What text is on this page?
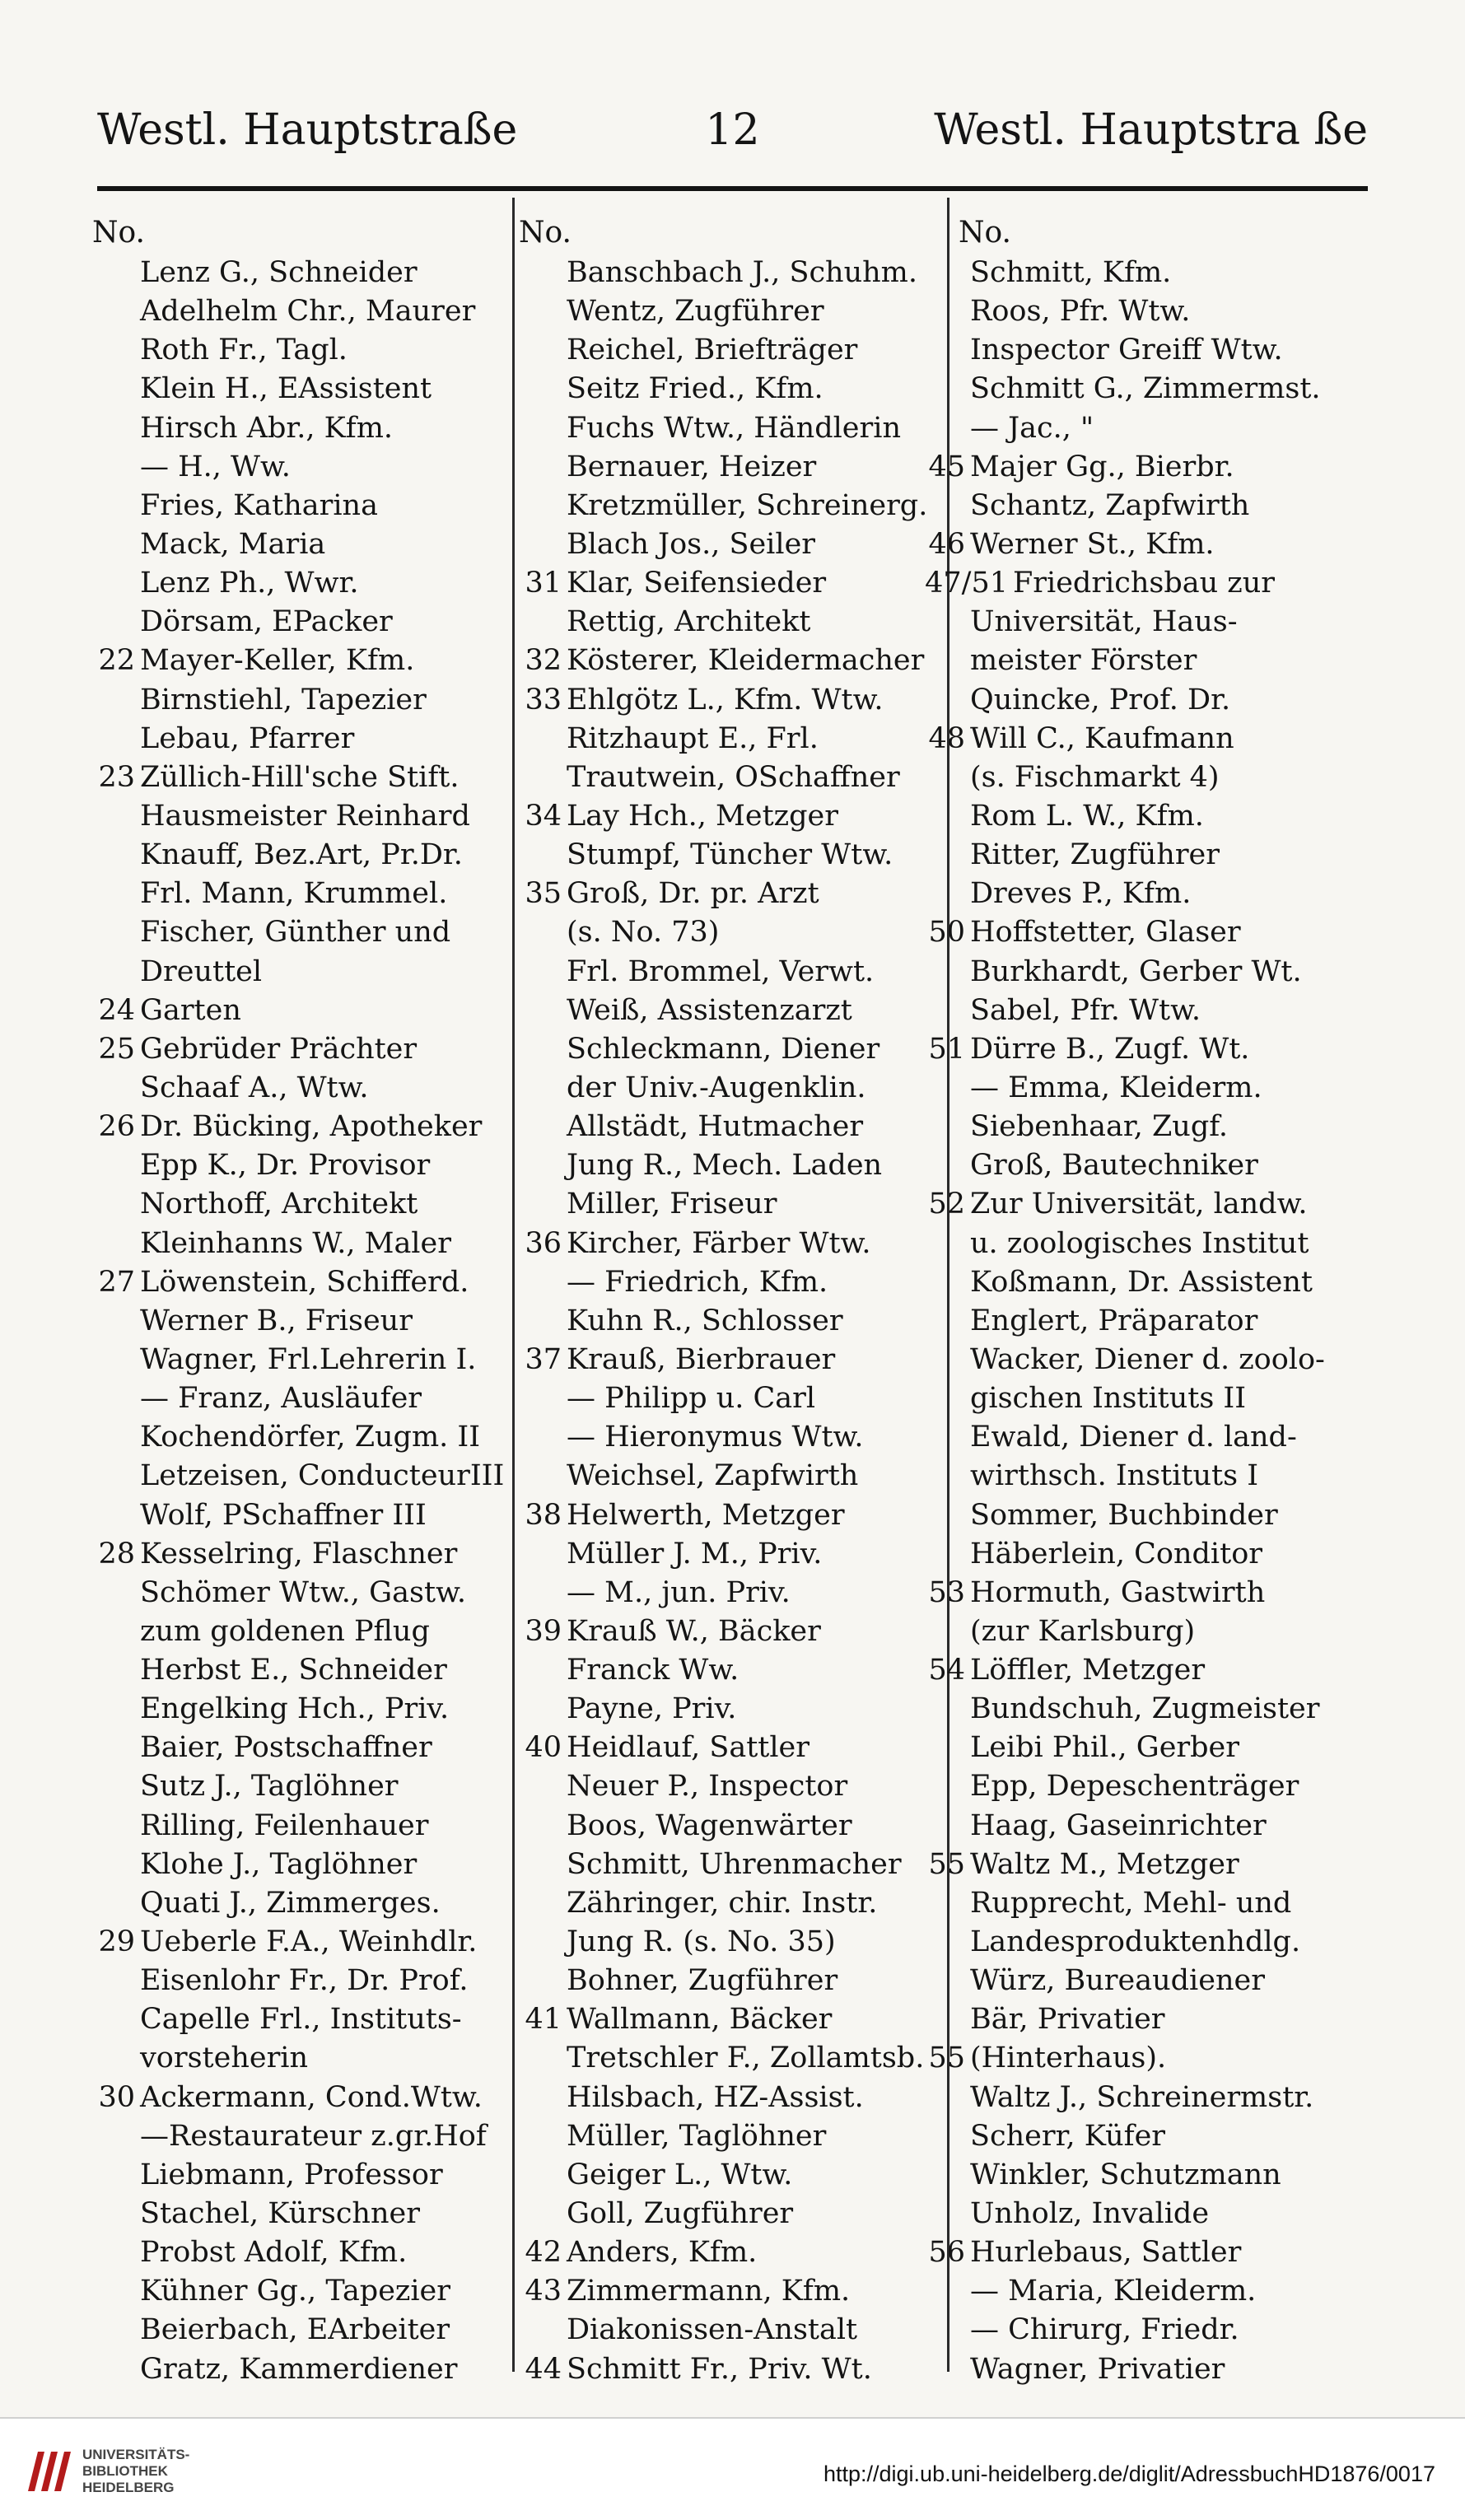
Westl. Hauptstraße	12	Westl. Hauptstra ße
No.
Lenz G., Schneider
Adelhelm Chr., Maurer
Roth Fr., Tagl.
Klein H., EAssistent
Hirsch Abr., Kfm.
— H., Ww.
Fries, Katharina
Mack, Maria
Lenz Ph., Wwr.
Dörsam, EPacker
22 Mayer-Keller, Kfm.
Birnstiehl, Tapezier
Lebau, Pfarrer
23 Züllich-Hill'sche Stift.
Hausmeister Reinhard
Knauff, Bez.Art, Pr.Dr.
Frl. Mann, Krummel.
Fischer, Günther und
Dreuttel
24 Garten
25 Gebrüder Prächter
Schaaf A., Wtw.
26 Dr. Bücking, Apotheker
Epp K., Dr. Provisor
Northoff, Architekt
Kleinhanns W., Maler
27 Löwenstein, Schifferd.
Werner B., Friseur
Wagner, Frl.Lehrerin I.
— Franz, Ausläufer
Kochendörfer, Zugm. II
Letzeisen, ConducteurIII
Wolf, PSchaffner III
28 Kesselring, Flaschner
Schömer Wtw., Gastw.
zum goldenen Pflug
Herbst E., Schneider
Engelking Hch., Priv.
Baier, Postschaffner
Sutz J., Taglöhner
Rilling, Feilenhauer
Klohe J., Taglöhner
Quati J., Zimmerges.
29 Ueberle F.A., Weinhdlr.
Eisenlohr Fr., Dr. Prof.
Capelle Frl., Instituts-
vorsteherin
30 Ackermann, Cond.Wtw.
—Restaurateur z.gr.Hof
Liebmann, Professor
Stachel, Kürschner
Probst Adolf, Kfm.
Kühner Gg., Tapezier
Beierbach, EArbeiter
Gratz, Kammerdiener
No.
Banschbach J., Schuhm.
Wentz, Zugführer
Reichel, Briefträger
Seitz Fried., Kfm.
Fuchs Wtw., Händlerin
Bernauer, Heizer
Kretzmüller, Schreinerg.
Blach Jos., Seiler
31 Klar, Seifensieder
Rettig, Architekt
32 Kösterer, Kleidermacher
33 Ehlgötz L., Kfm. Wtw.
Ritzhaupt E., Frl.
Trautwein, OSchaffner
34 Lay Hch., Metzger
Stumpf, Tüncher Wtw.
35 Groß, Dr. pr. Arzt
(s. No. 73)
Frl. Brommel, Verwt.
Weiß, Assistenzarzt
Schleckmann, Diener
der Univ.-Augenklin.
Allstädt, Hutmacher
Jung R., Mech. Laden
Miller, Friseur
36 Kircher, Färber Wtw.
— Friedrich, Kfm.
Kuhn R., Schlosser
37 Krauß, Bierbrauer
— Philipp u. Carl
— Hieronymus Wtw.
Weichsel, Zapfwirth
38 Helwerth, Metzger
Müller J. M., Priv.
— M., jun. Priv.
39 Krauß W., Bäcker
Franck Ww.
Payne, Priv.
40 Heidlauf, Sattler
Neuer P., Inspector
Boos, Wagenwärter
Schmitt, Uhrenmacher
Zähringer, chir. Instr.
Jung R. (s. No. 35)
Bohner, Zugführer
41 Wallmann, Bäcker
Tretschler F., Zollamtsb.
Hilsbach, HZ-Assist.
Müller, Taglöhner
Geiger L., Wtw.
Goll, Zugführer
42 Anders, Kfm.
43 Zimmermann, Kfm.
Diakonissen-Anstalt
44 Schmitt Fr., Priv. Wt.
No.
Schmitt, Kfm.
Roos, Pfr. Wtw.
Inspector Greiff Wtw.
Schmitt G., Zimmermst.
— Jac., "
45 Majer Gg., Bierbr.
Schantz, Zapfwirth
46 Werner St., Kfm.
47/51 Friedrichsbau zur
Universität, Haus-
meister Förster
Quincke, Prof. Dr.
48 Will C., Kaufmann
(s. Fischmarkt 4)
Rom L. W., Kfm.
Ritter, Zugführer
Dreves P., Kfm.
50 Hoffstetter, Glaser
Burkhardt, Gerber Wt.
Sabel, Pfr. Wtw.
51 Dürre B., Zugf. Wt.
— Emma, Kleiderm.
Siebenhaar, Zugf.
Groß, Bautechniker
52 Zur Universität, landw.
u. zoologisches Institut
Koßmann, Dr. Assistent
Englert, Präparator
Wacker, Diener d. zoolo-
gischen Instituts II
Ewald, Diener d. land-
wirthsch. Instituts I
Sommer, Buchbinder
Häberlein, Conditor
53 Hormuth, Gastwirth
(zur Karlsburg)
54 Löffler, Metzger
Bundschuh, Zugmeister
Leibi Phil., Gerber
Epp, Depeschenträger
Haag, Gaseinrichter
55 Waltz M., Metzger
Rupprecht, Mehl- und
Landesproduktenhdlg.
Würz, Bureaudiener
Bär, Privatier
55 (Hinterhaus).
Waltz J., Schreinermstr.
Scherr, Küfer
Winkler, Schutzmann
Unholz, Invalide
56 Hurlebaus, Sattler
— Maria, Kleiderm.
— Chirurg, Friedr.
Wagner, Privatier
UNIVERSITÄTS-
BIBLIOTHEK
HEIDELBERG
http://digi.ub.uni-heidelberg.de/diglit/AdressbuchHD1876/0017
